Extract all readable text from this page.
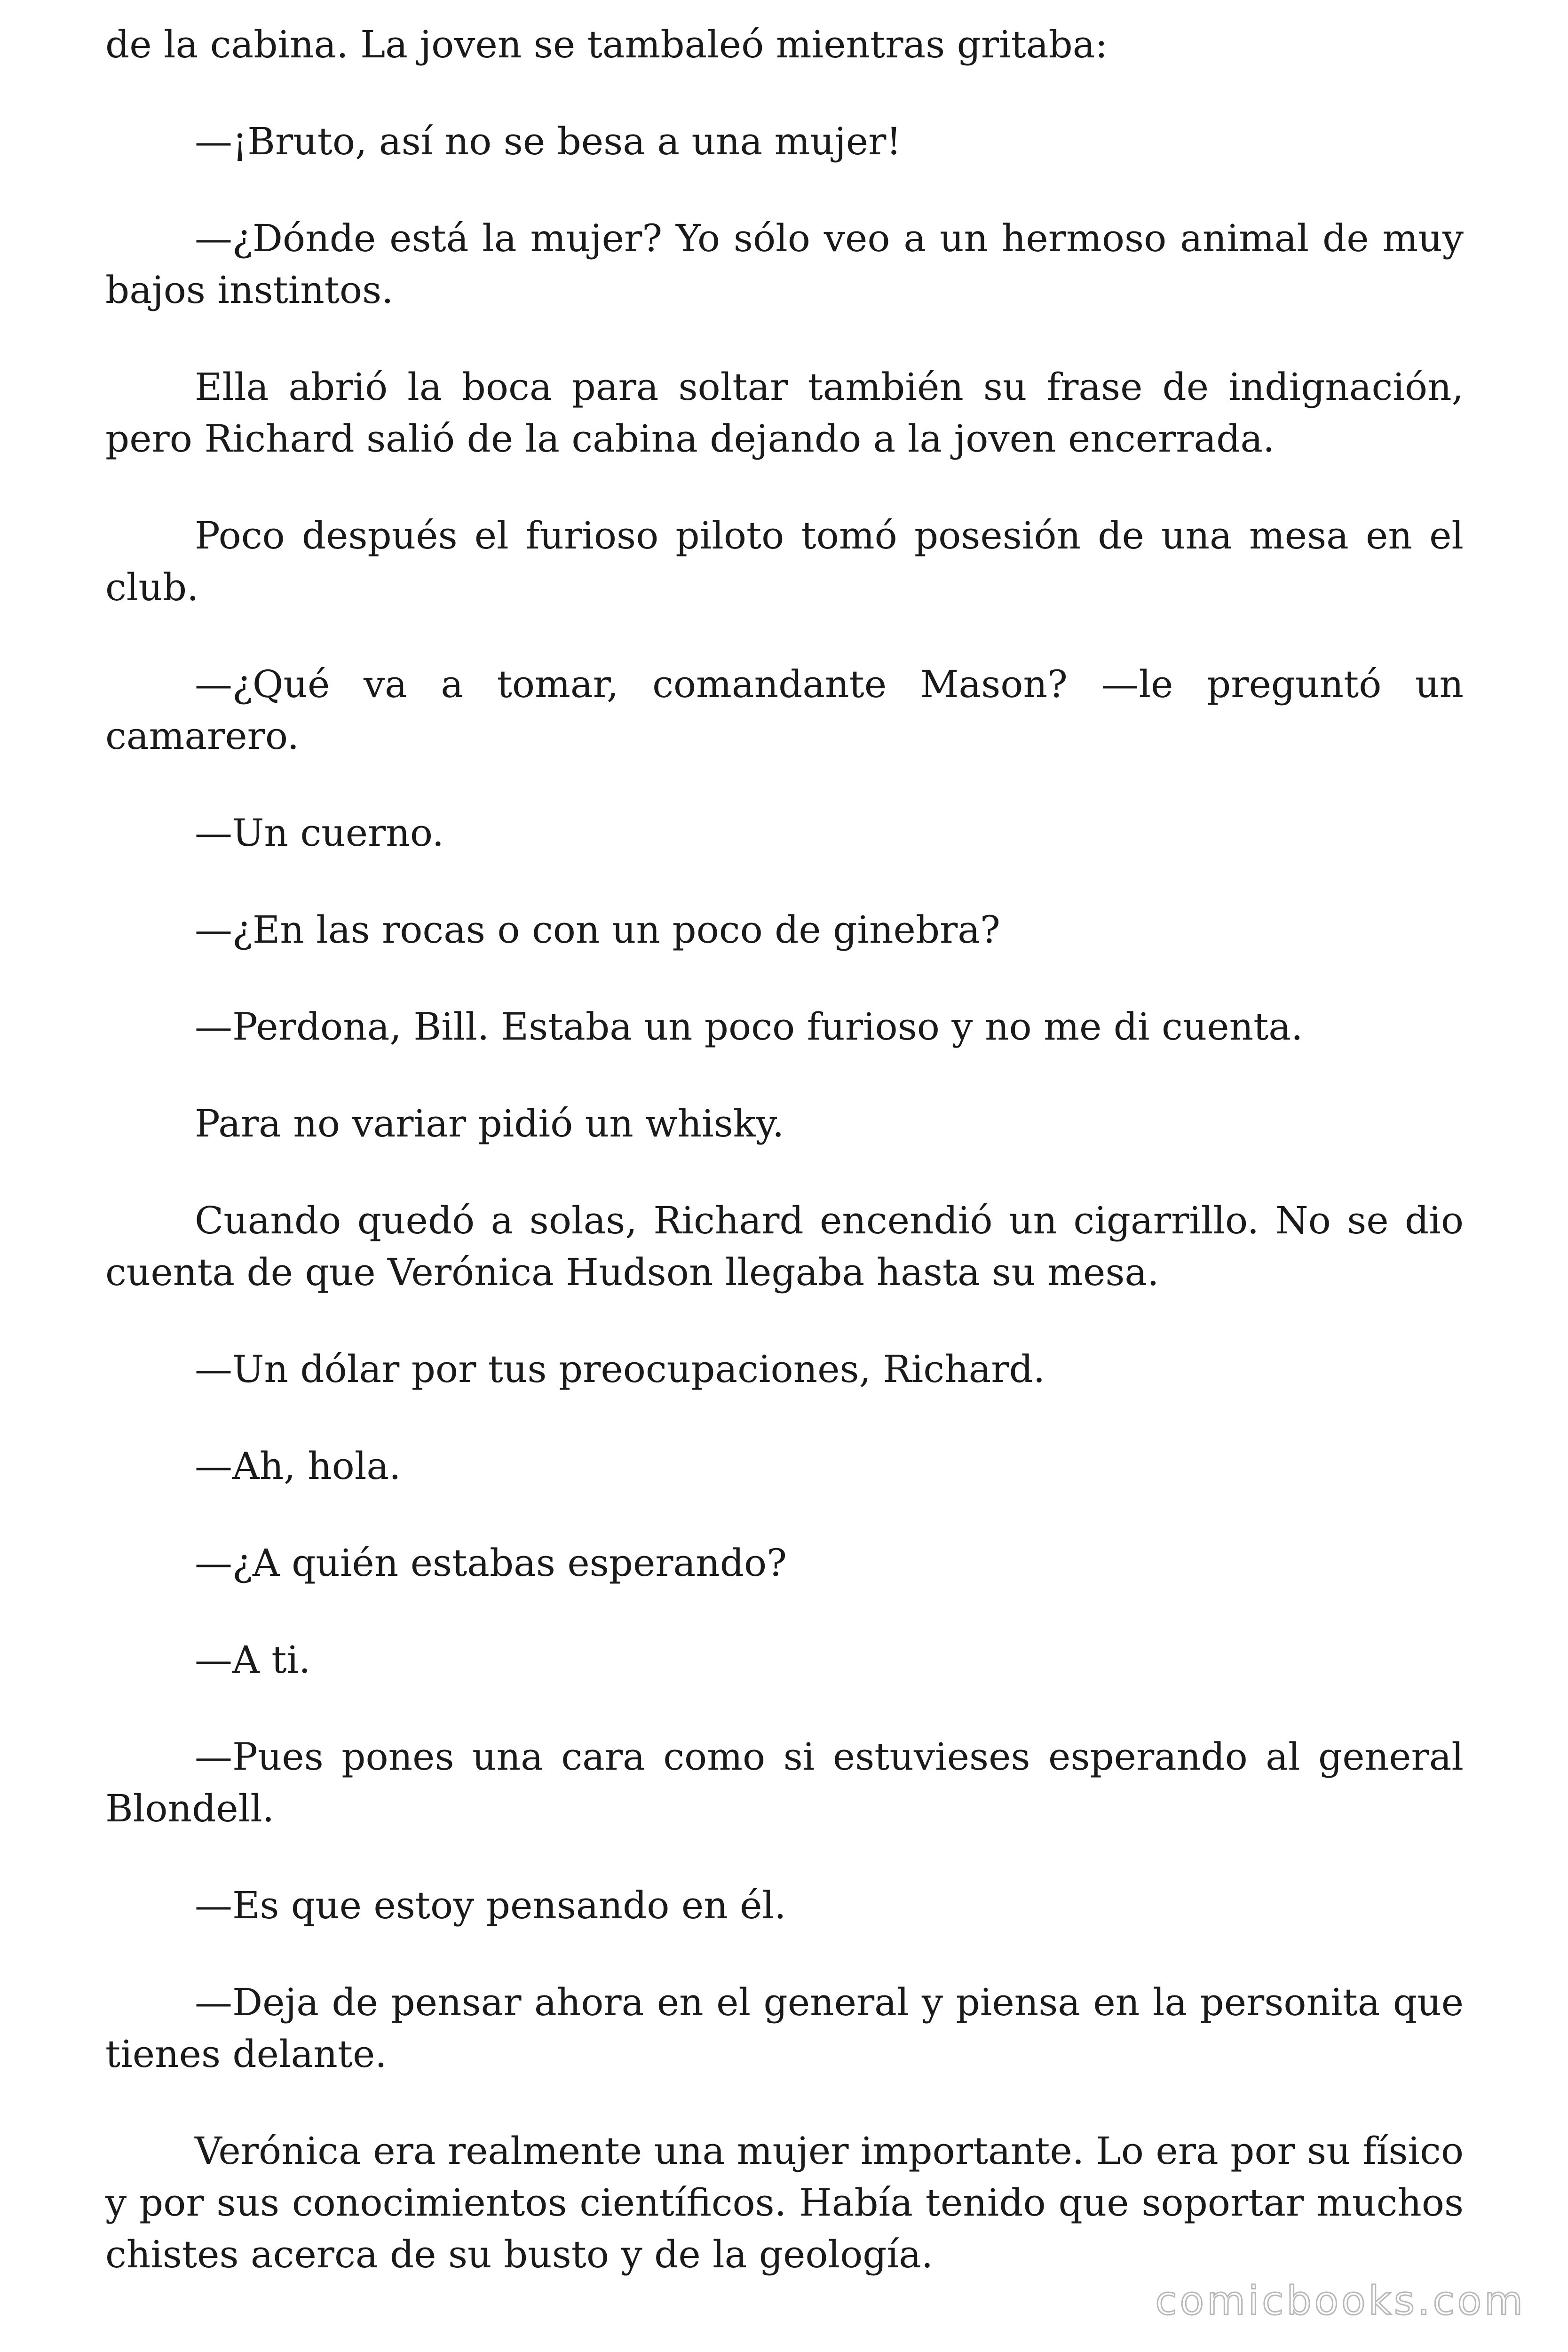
de la cabina. La joven se tambaleó mientras gritaba:

—¡Bruto, así no se besa a una mujer!

—¿Dónde está la mujer? Yo sólo veo a un hermoso animal de muy bajos instintos.

Ella abrió la boca para soltar también su frase de indignación, pero Richard salió de la cabina dejando a la joven encerrada.

Poco después el furioso piloto tomó posesión de una mesa en el club.

—¿Qué va a tomar, comandante Mason? —le preguntó un camarero.

—Un cuerno.

—¿En las rocas o con un poco de ginebra?

—Perdona, Bill. Estaba un poco furioso y no me di cuenta.

Para no variar pidió un whisky.

Cuando quedó a solas, Richard encendió un cigarrillo. No se dio cuenta de que Verónica Hudson llegaba hasta su mesa.

—Un dólar por tus preocupaciones, Richard.

—Ah, hola.

—¿A quién estabas esperando?

—A ti.

—Pues pones una cara como si estuvieses esperando al general Blondell.

—Es que estoy pensando en él.

—Deja de pensar ahora en el general y piensa en la personita que tienes delante.

Verónica era realmente una mujer importante. Lo era por su físico y por sus conocimientos científicos. Había tenido que soportar muchos chistes acerca de su busto y de la geología.

comicbooks.com
